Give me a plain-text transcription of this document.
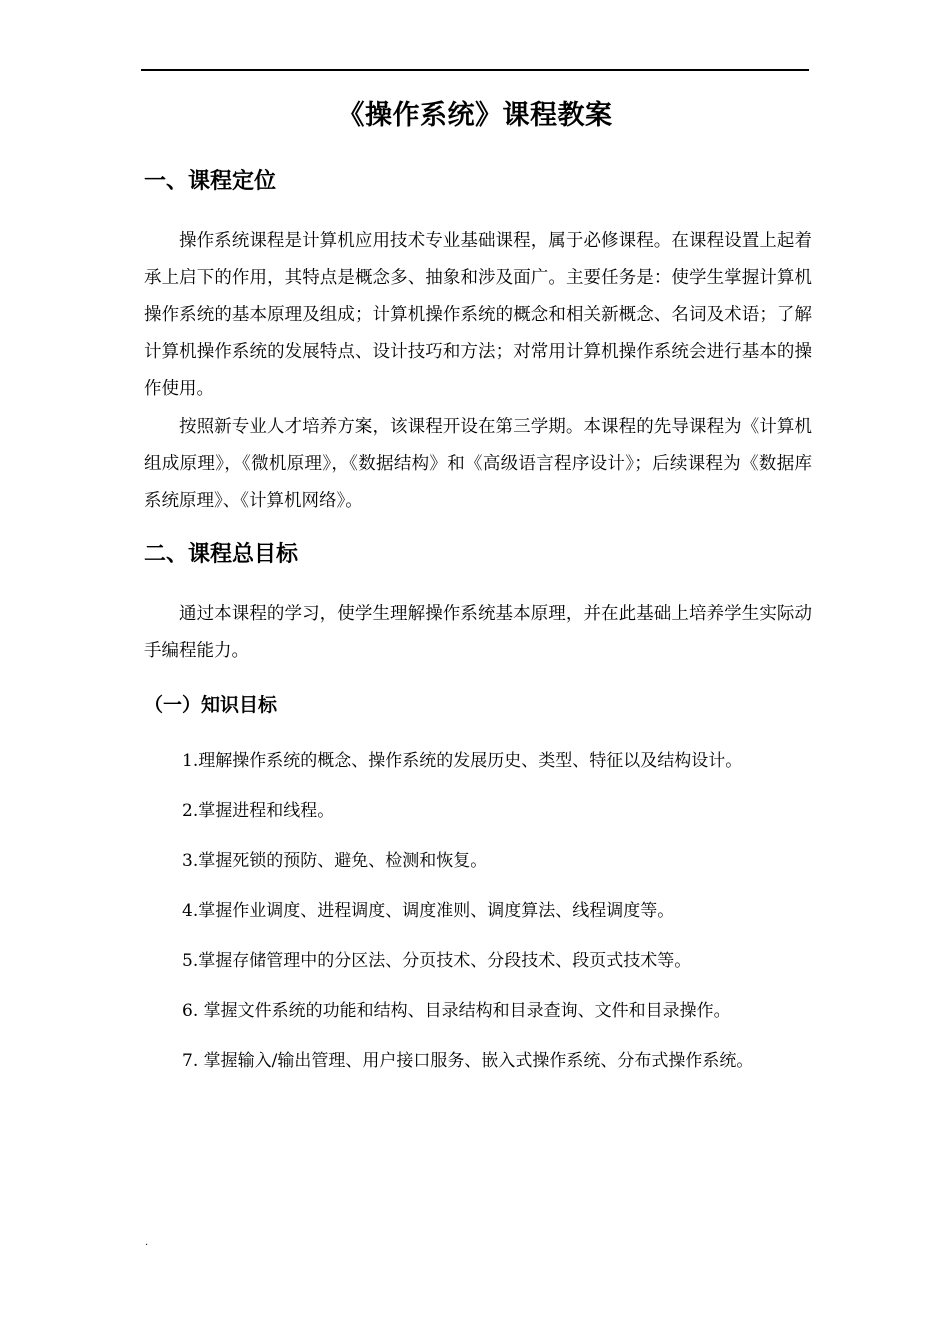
《操作系统》课程教案
一、课程定位

操作系统课程是计算机应用技术专业基础课程，属于必修课程。在课程设置上起着承上启下的作用，其特点是概念多、抽象和涉及面广。主要任务是：使学生掌握计算机操作系统的基本原理及组成；计算机操作系统的概念和相关新概念、名词及术语；了解计算机操作系统的发展特点、设计技巧和方法；对常用计算机操作系统会进行基本的操作使用。

按照新专业人才培养方案，该课程开设在第三学期。本课程的先导课程为《计算机组成原理》，《微机原理》，《数据结构》和《高级语言程序设计》；后续课程为《数据库系统原理》、《计算机网络》。

二、课程总目标

通过本课程的学习，使学生理解操作系统基本原理，并在此基础上培养学生实际动手编程能力。

（一）知识目标
1.理解操作系统的概念、操作系统的发展历史、类型、特征以及结构设计。
2.掌握进程和线程。
3.掌握死锁的预防、避免、检测和恢复。
4.掌握作业调度、进程调度、调度准则、调度算法、线程调度等。
5.掌握存储管理中的分区法、分页技术、分段技术、段页式技术等。
6. 掌握文件系统的功能和结构、目录结构和目录查询、文件和目录操作。
7. 掌握输入/输出管理、用户接口服务、嵌入式操作系统、分布式操作系统。
.
